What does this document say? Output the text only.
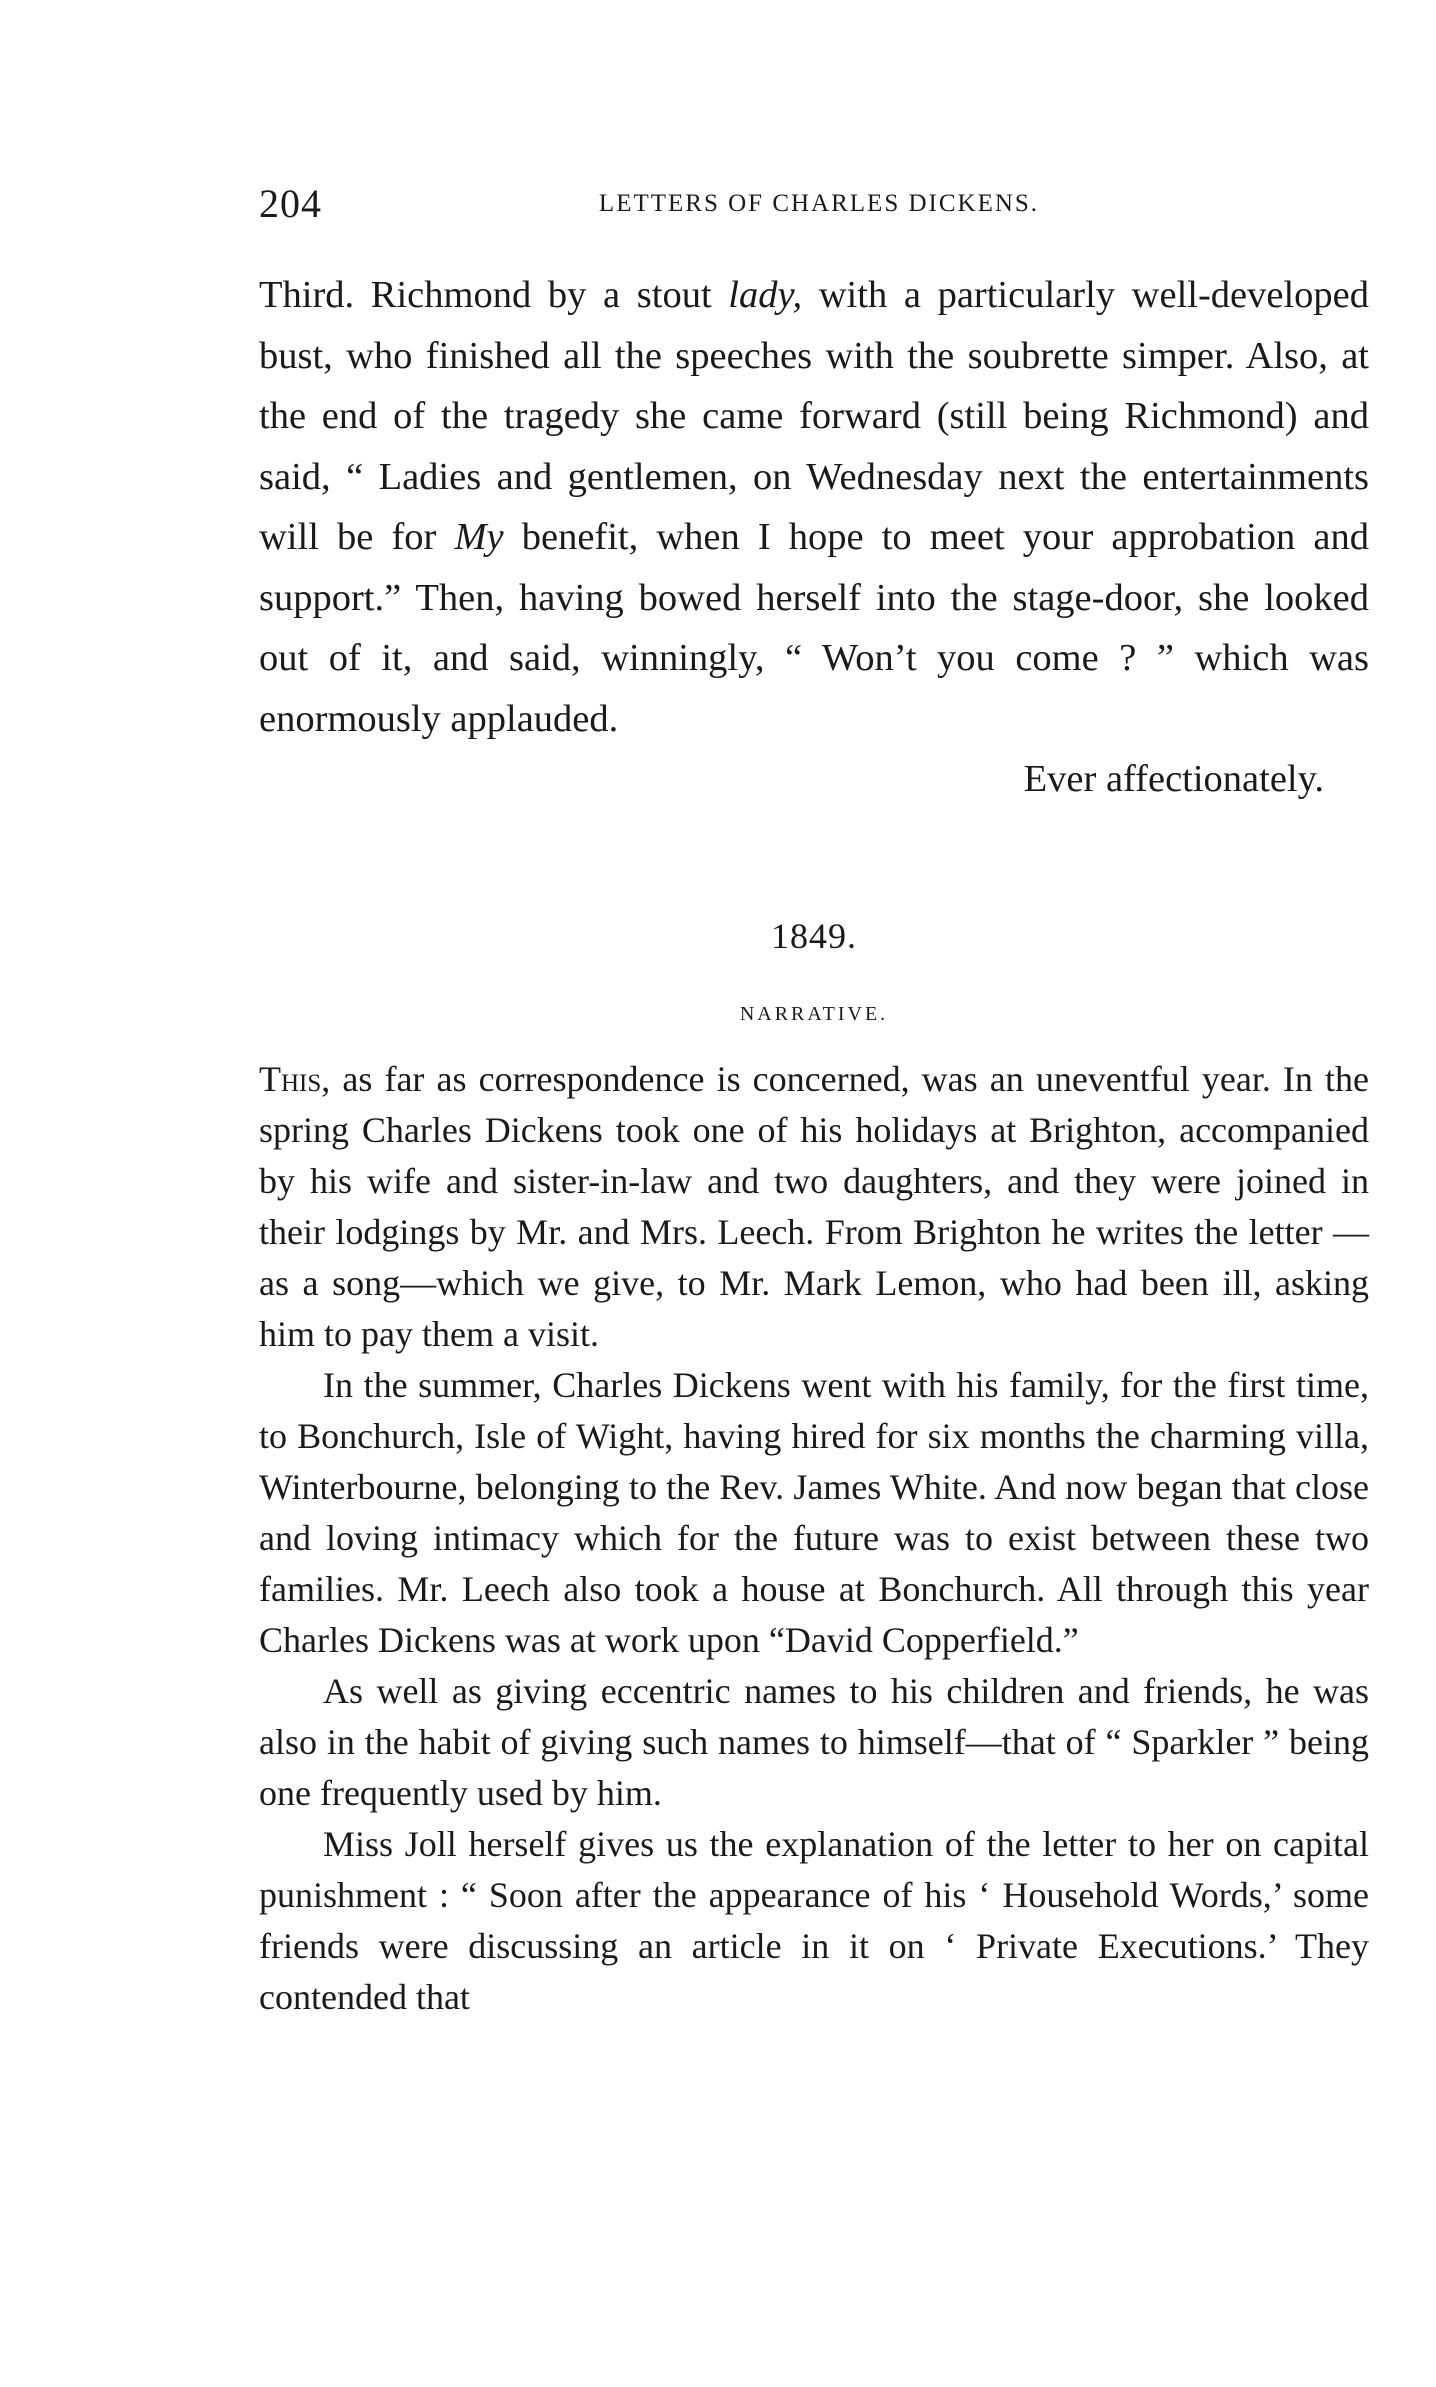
204	LETTERS OF CHARLES DICKENS.

Third. Richmond by a stout lady, with a particularly well-developed bust, who finished all the speeches with the soubrette simper. Also, at the end of the tragedy she came forward (still being Richmond) and said, “ Ladies and gentlemen, on Wednesday next the entertainments will be for My benefit, when I hope to meet your approbation and support.” Then, having bowed herself into the stage-door, she looked out of it, and said, winningly, “ Won’t you come ? ” which was enormously applauded.

Ever affectionately.
1849.
NARRATIVE.

This, as far as correspondence is concerned, was an uneventful year. In the spring Charles Dickens took one of his holidays at Brighton, accompanied by his wife and sister-in-law and two daughters, and they were joined in their lodgings by Mr. and Mrs. Leech. From Brighton he writes the letter —as a song—which we give, to Mr. Mark Lemon, who had been ill, asking him to pay them a visit.

In the summer, Charles Dickens went with his family, for the first time, to Bonchurch, Isle of Wight, having hired for six months the charming villa, Winterbourne, belonging to the Rev. James White. And now began that close and loving intimacy which for the future was to exist between these two families. Mr. Leech also took a house at Bonchurch. All through this year Charles Dickens was at work upon “David Copperfield.”

As well as giving eccentric names to his children and friends, he was also in the habit of giving such names to himself—that of “ Sparkler ” being one frequently used by him.

Miss Joll herself gives us the explanation of the letter to her on capital punishment : “ Soon after the appearance of his ‘ Household Words,’ some friends were discussing an article in it on ‘ Private Executions.’ They contended that
